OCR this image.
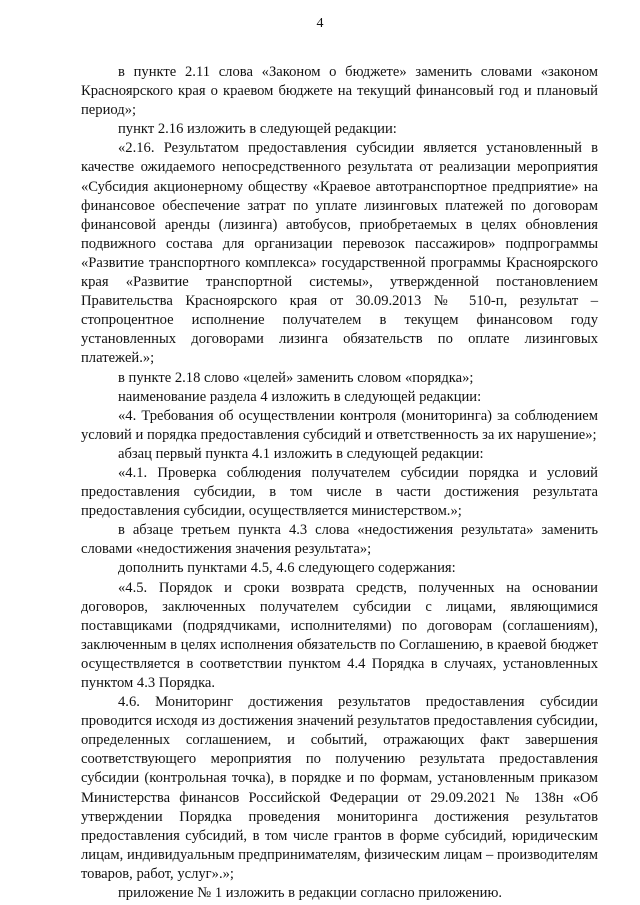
4

в пункте 2.11 слова «Законом о бюджете» заменить словами «законом Красноярского края о краевом бюджете на текущий финансовый год и плановый период»;

пункт 2.16 изложить в следующей редакции:

«2.16. Результатом предоставления субсидии является установленный в качестве ожидаемого непосредственного результата от реализации мероприятия «Субсидия акционерному обществу «Краевое автотранспортное предприятие» на финансовое обеспечение затрат по уплате лизинговых платежей по договорам финансовой аренды (лизинга) автобусов, приобретаемых в целях обновления подвижного состава для организации перевозок пассажиров» подпрограммы «Развитие транспортного комплекса» государственной программы Красноярского края «Развитие транспортной системы», утвержденной постановлением Правительства Красноярского края от 30.09.2013 № 510-п, результат – стопроцентное исполнение получателем в текущем финансовом году установленных договорами лизинга обязательств по оплате лизинговых платежей.»;

в пункте 2.18 слово «целей» заменить словом «порядка»;

наименование раздела 4 изложить в следующей редакции:

«4. Требования об осуществлении контроля (мониторинга) за соблюдением условий и порядка предоставления субсидий и ответственность за их нарушение»;

абзац первый пункта 4.1 изложить в следующей редакции:

«4.1. Проверка соблюдения получателем субсидии порядка и условий предоставления субсидии, в том числе в части достижения результата предоставления субсидии, осуществляется министерством.»;

в абзаце третьем пункта 4.3 слова «недостижения результата» заменить словами «недостижения значения результата»;

дополнить пунктами 4.5, 4.6 следующего содержания:

«4.5. Порядок и сроки возврата средств, полученных на основании договоров, заключенных получателем субсидии с лицами, являющимися поставщиками (подрядчиками, исполнителями) по договорам (соглашениям), заключенным в целях исполнения обязательств по Соглашению, в краевой бюджет осуществляется в соответствии пунктом 4.4 Порядка в случаях, установленных пунктом 4.3 Порядка.

4.6. Мониторинг достижения результатов предоставления субсидии проводится исходя из достижения значений результатов предоставления субсидии, определенных соглашением, и событий, отражающих факт завершения соответствующего мероприятия по получению результата предоставления субсидии (контрольная точка), в порядке и по формам, установленным приказом Министерства финансов Российской Федерации от 29.09.2021 № 138н «Об утверждении Порядка проведения мониторинга достижения результатов предоставления субсидий, в том числе грантов в форме субсидий, юридическим лицам, индивидуальным предпринимателям, физическим лицам – производителям товаров, работ, услуг».»;

приложение № 1 изложить в редакции согласно приложению.
